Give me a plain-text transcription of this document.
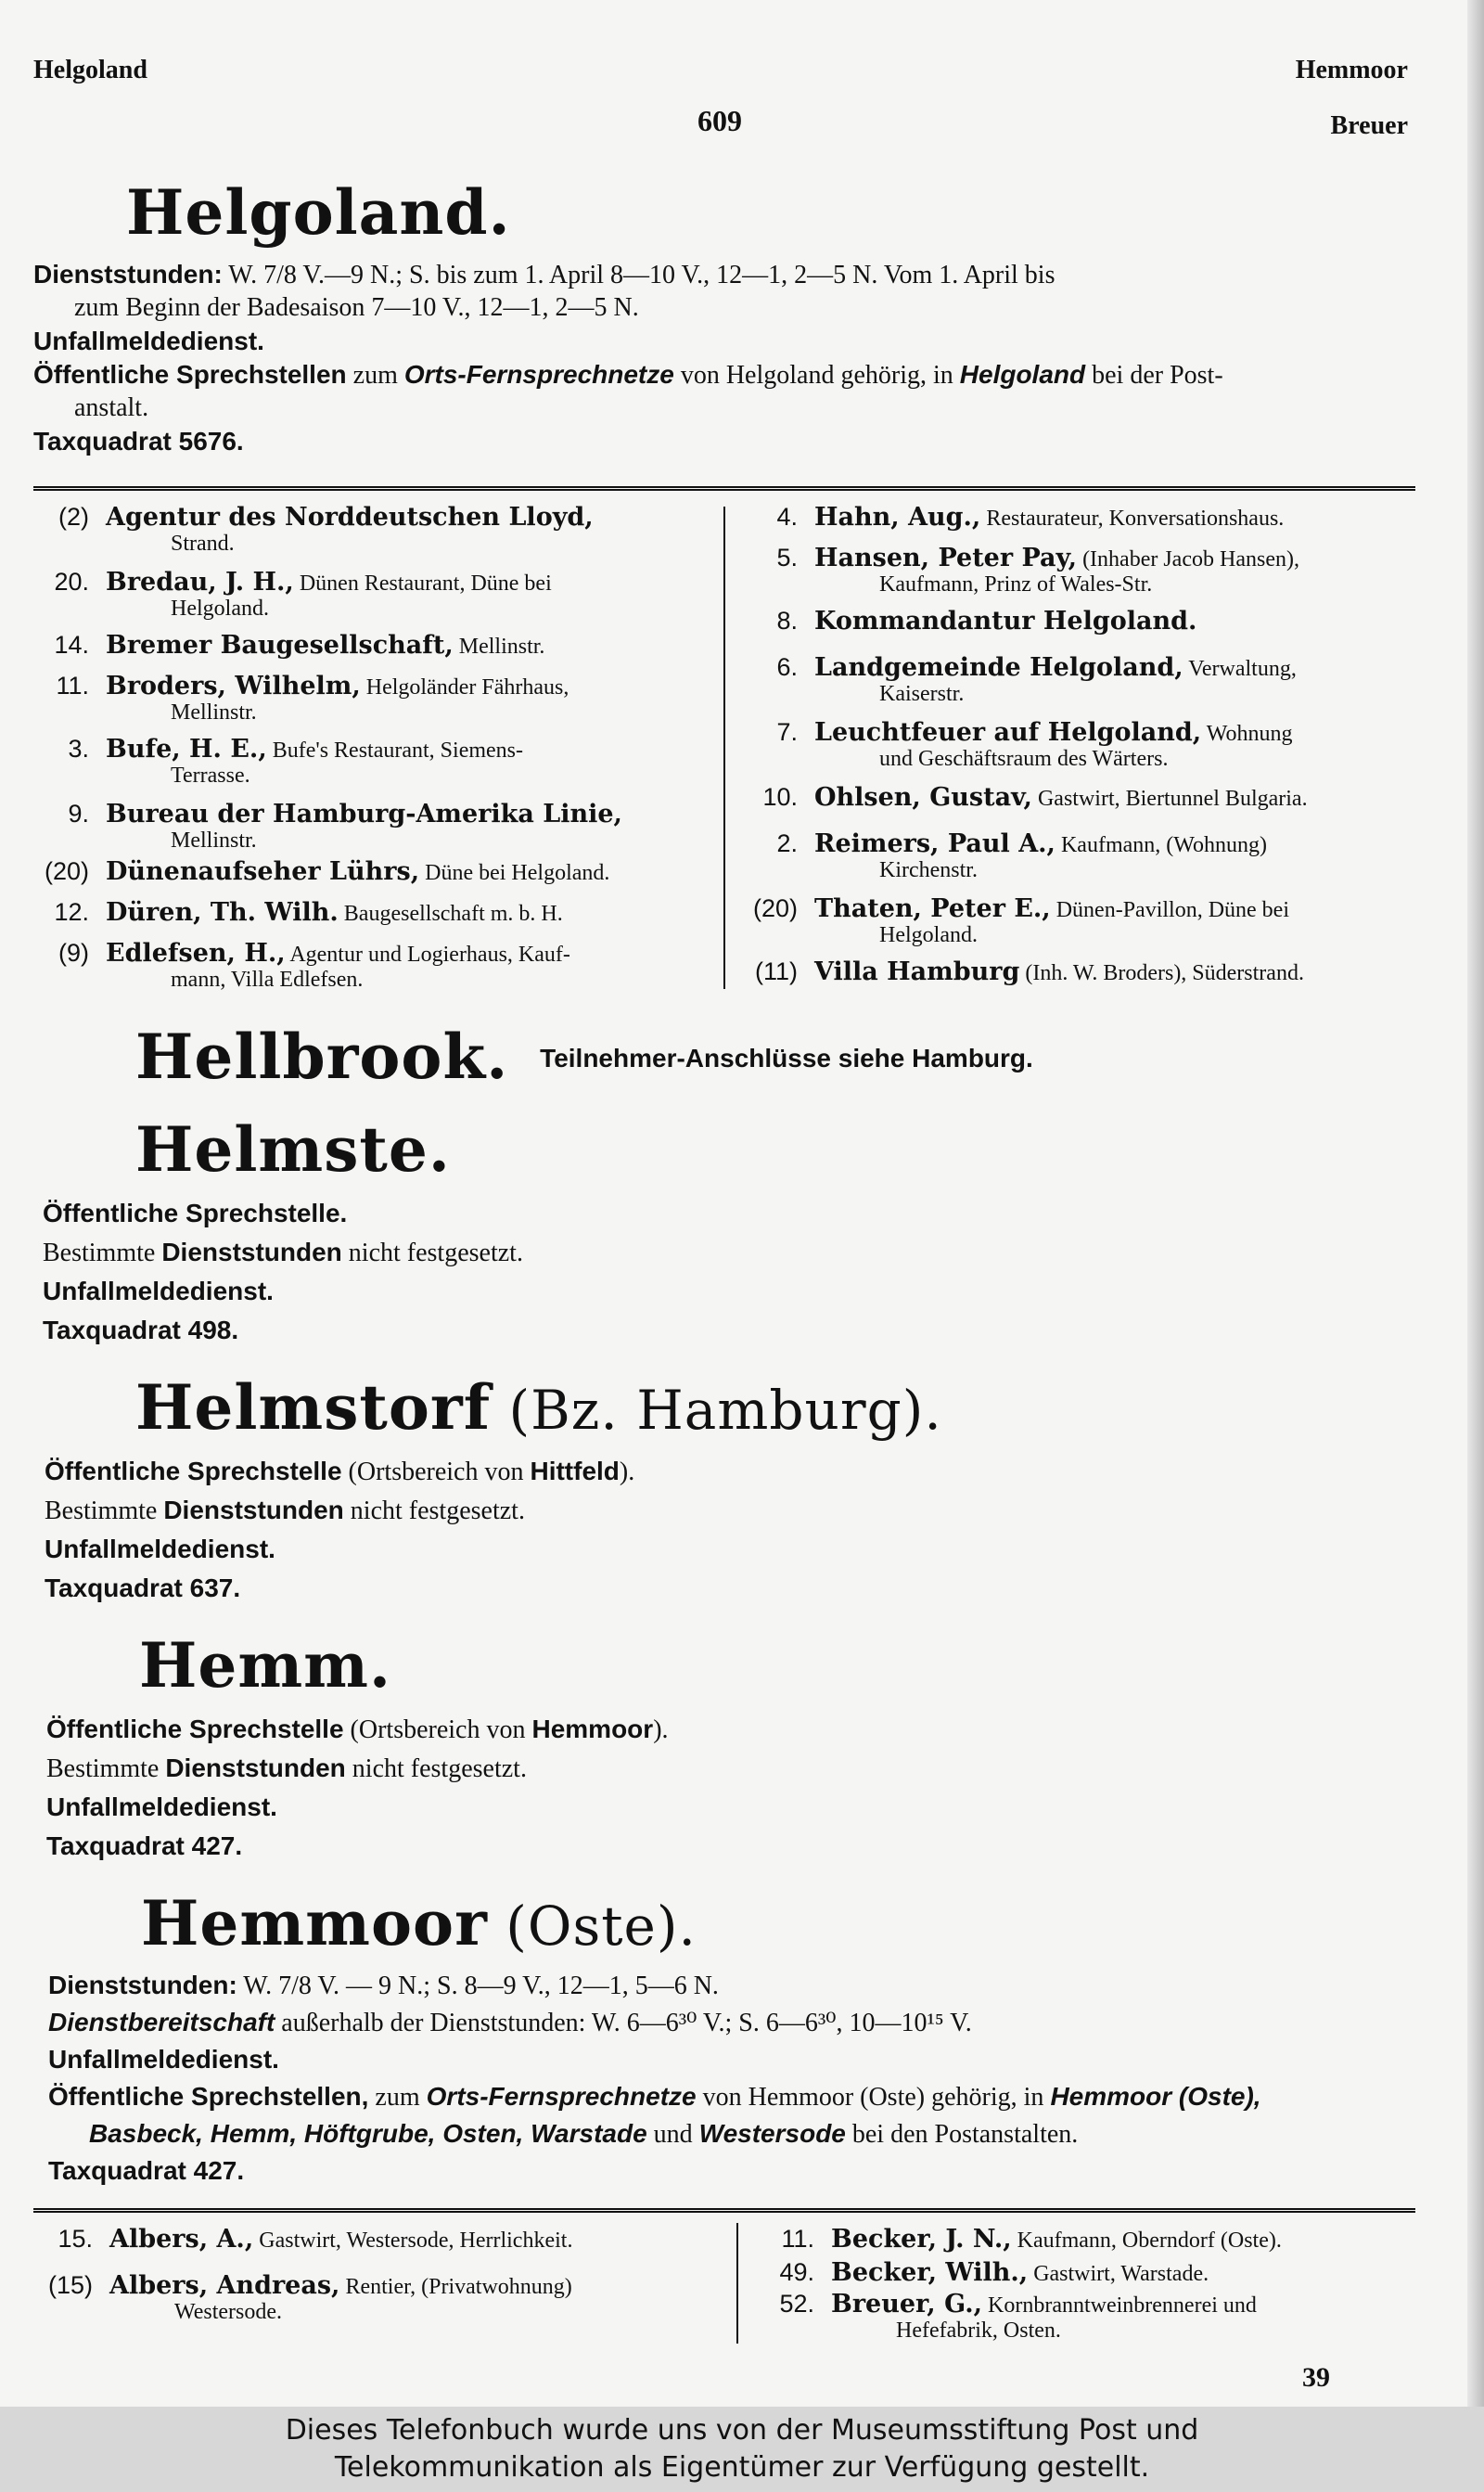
Helgoland	Hemmoor
Breuer
609
Helgoland.
Dienststunden: W. 7/8 V.—9 N.; S. bis zum 1. April 8—10 V., 12—1, 2—5 N. Vom 1. April bis
zum Beginn der Badesaison 7—10 V., 12—1, 2—5 N.
Unfallmeldedienst.
Öffentliche Sprechstellen zum Orts-Fernsprechnetze von Helgoland gehörig, in Helgoland bei der Post-
anstalt.
Taxquadrat 5676.
(2) Agentur des Norddeutschen Lloyd,
Strand.
20. Bredau, J. H., Dünen Restaurant, Düne bei
Helgoland.
14. Bremer Baugesellschaft, Mellinstr.
11. Broders, Wilhelm, Helgoländer Fährhaus,
Mellinstr.
3. Bufe, H. E., Bufe's Restaurant, Siemens-
Terrasse.
9. Bureau der Hamburg-Amerika Linie,
Mellinstr.
(20) Dünenaufseher Lührs, Düne bei Helgoland.
12. Düren, Th. Wilh. Baugesellschaft m. b. H.
(9) Edlefsen, H., Agentur und Logierhaus, Kauf-
mann, Villa Edlefsen.
4. Hahn, Aug., Restaurateur, Konversationshaus.
5. Hansen, Peter Pay, (Inhaber Jacob Hansen),
Kaufmann, Prinz of Wales-Str.
8. Kommandantur Helgoland.
6. Landgemeinde Helgoland, Verwaltung,
Kaiserstr.
7. Leuchtfeuer auf Helgoland, Wohnung
und Geschäftsraum des Wärters.
10. Ohlsen, Gustav, Gastwirt, Biertunnel Bulgaria.
2. Reimers, Paul A., Kaufmann, (Wohnung)
Kirchenstr.
(20) Thaten, Peter E., Dünen-Pavillon, Düne bei
Helgoland.
(11) Villa Hamburg (Inh. W. Broders), Süderstrand.
Hellbrook. Teilnehmer-Anschlüsse siehe Hamburg.
Helmste.
Öffentliche Sprechstelle.
Bestimmte Dienststunden nicht festgesetzt.
Unfallmeldedienst.
Taxquadrat 498.
Helmstorf (Bz. Hamburg).
Öffentliche Sprechstelle (Ortsbereich von Hittfeld).
Bestimmte Dienststunden nicht festgesetzt.
Unfallmeldedienst.
Taxquadrat 637.
Hemm.
Öffentliche Sprechstelle (Ortsbereich von Hemmoor).
Bestimmte Dienststunden nicht festgesetzt.
Unfallmeldedienst.
Taxquadrat 427.
Hemmoor (Oste).
Dienststunden: W. 7/8 V. — 9 N.; S. 8—9 V., 12—1, 5—6 N.
Dienstbereitschaft außerhalb der Dienststunden: W. 6—6³⁰ V.; S. 6—6³⁰, 10—10¹⁵ V.
Unfallmeldedienst.
Öffentliche Sprechstellen, zum Orts-Fernsprechnetze von Hemmoor (Oste) gehörig, in Hemmoor (Oste),
Basbeck, Hemm, Höftgrube, Osten, Warstade und Westersode bei den Postanstalten.
Taxquadrat 427.
15. Albers, A., Gastwirt, Westersode, Herrlichkeit.
(15) Albers, Andreas, Rentier, (Privatwohnung)
Westersode.
11. Becker, J. N., Kaufmann, Oberndorf (Oste).
49. Becker, Wilh., Gastwirt, Warstade.
52. Breuer, G., Kornbranntweinbrennerei und
Hefefabrik, Osten.
39
Dieses Telefonbuch wurde uns von der Museumsstiftung Post und
Telekommunikation als Eigentümer zur Verfügung gestellt.
